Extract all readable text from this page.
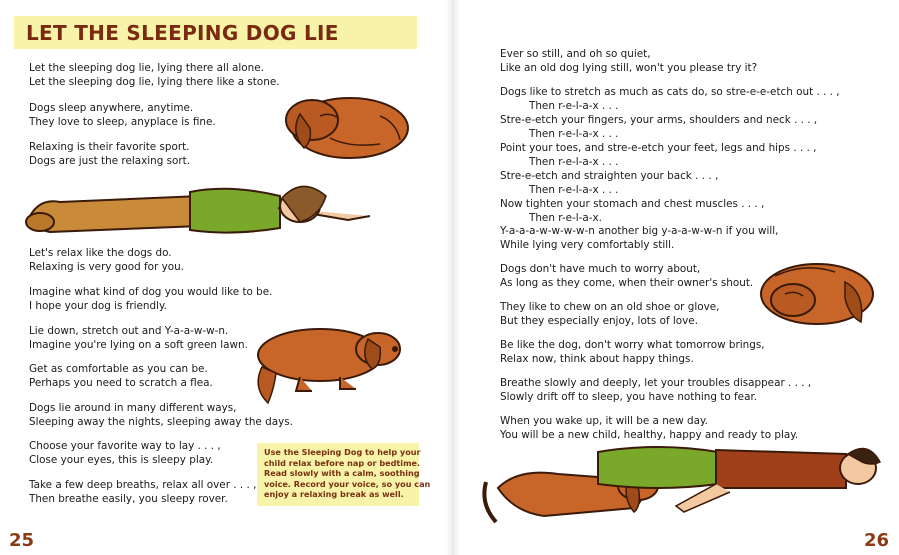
LET THE SLEEPING DOG LIE
Let the sleeping dog lie, lying there all alone.
Let the sleeping dog lie, lying there like a stone.
Dogs sleep anywhere, anytime.
They love to sleep, anyplace is fine.
Relaxing is their favorite sport.
Dogs are just the relaxing sort.
Let's relax like the dogs do.
Relaxing is very good for you.
Imagine what kind of dog you would like to be.
I hope your dog is friendly.
Lie down, stretch out and Y-a-a-w-w-n.
Imagine you're lying on a soft green lawn.
Get as comfortable as you can be.
Perhaps you need to scratch a flea.
Dogs lie around in many different ways,
Sleeping away the nights, sleeping away the days.
Choose your favorite way to lay . . . ,
Close your eyes, this is sleepy play.
Take a few deep breaths, relax all over . . . ,
Then breathe easily, you sleepy rover.
Use the Sleeping Dog to help your
child relax before nap or bedtime.
Read slowly with a calm, soothing
voice. Record your voice, so you can
enjoy a relaxing break as well.
25
Ever so still, and oh so quiet,
Like an old dog lying still, won't you please try it?
Dogs like to stretch as much as cats do, so stre-e-e-etch out . . . ,
Then r-e-l-a-x . . .
Stre-e-etch your fingers, your arms, shoulders and neck . . . ,
Then r-e-l-a-x . . .
Point your toes, and stre-e-etch your feet, legs and hips . . . ,
Then r-e-l-a-x . . .
Stre-e-etch and straighten your back . . . ,
Then r-e-l-a-x . . .
Now tighten your stomach and chest muscles . . . ,
Then r-e-l-a-x.
Y-a-a-a-w-w-w-w-n another big y-a-a-w-w-n if you will,
While lying very comfortably still.
Dogs don't have much to worry about,
As long as they come, when their owner's shout.
They like to chew on an old shoe or glove,
But they especially enjoy, lots of love.
Be like the dog, don't worry what tomorrow brings,
Relax now, think about happy things.
Breathe slowly and deeply, let your troubles disappear . . . ,
Slowly drift off to sleep, you have nothing to fear.
When you wake up, it will be a new day.
You will be a new child, healthy, happy and ready to play.
26
